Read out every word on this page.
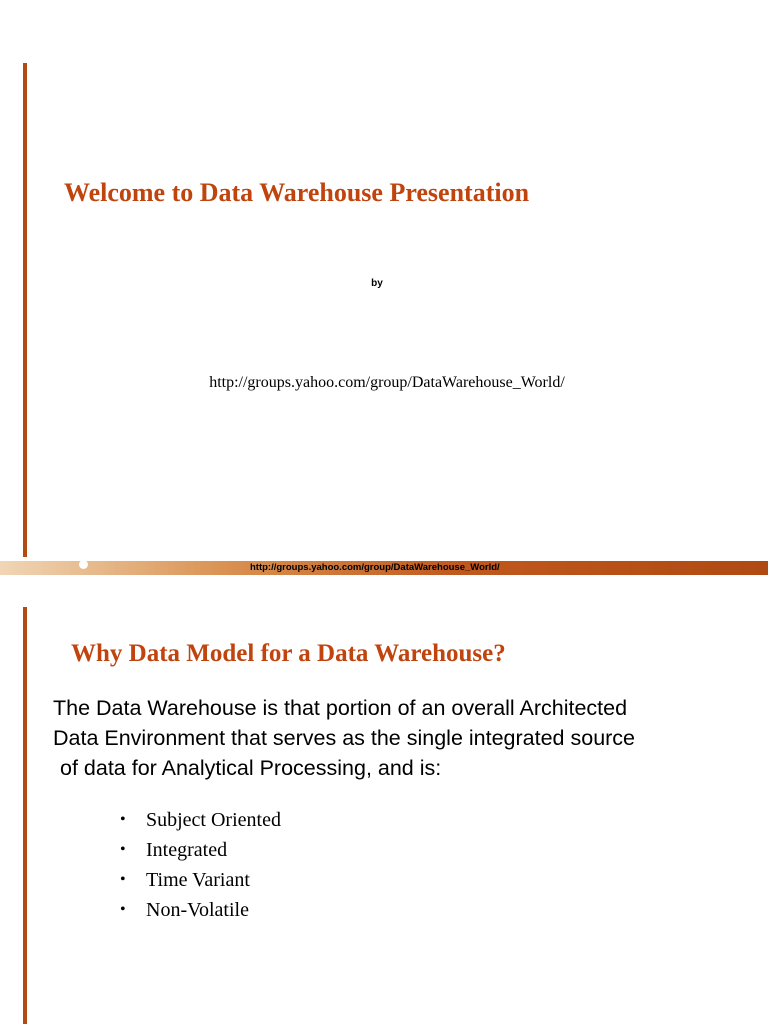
Welcome to Data Warehouse Presentation
by
http://groups.yahoo.com/group/DataWarehouse_World/
http://groups.yahoo.com/group/DataWarehouse_World/
Why Data Model for a Data Warehouse?
The Data Warehouse is that portion of an overall Architected
Data Environment that serves as the single integrated source
of data for Analytical Processing, and is:
• Subject Oriented
• Integrated
• Time Variant
• Non-Volatile
